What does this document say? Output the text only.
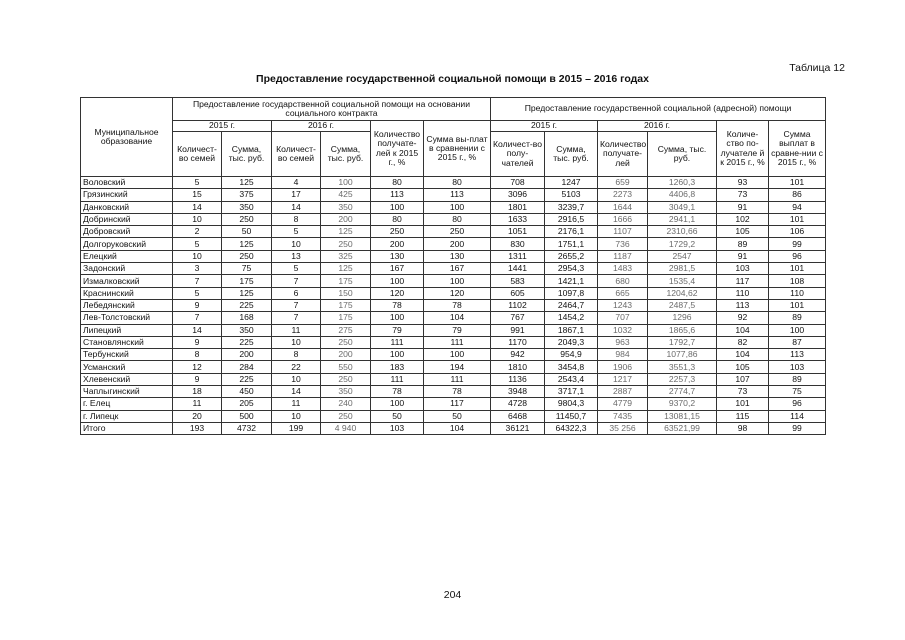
Таблица 12
Предоставление государственной социальной помощи в 2015 – 2016 годах
Муниципальное образование	Предоставление государственной социальной помощи на основании социального контракта						Предоставление государственной социальной (адресной) помощи					
	2015 г.		2016 г.		Количество получате-лей к 2015 г., %	Сумма вы-плат в сравнении с 2015 г., %	2015 г.		2016 г.		Количе-ство по-лучателе й к 2015 г., %	Сумма выплат в сравне-нии с 2015 г., %
	Количест-во семей	Сумма, тыс. руб.	Количест-во семей	Сумма, тыс. руб.			Количест-во полу-чателей	Сумма, тыс. руб.	Количество получате-лей	Сумма, тыс. руб.		
Воловский	5	125	4	100	80	80	708	1247	659	1260,3	93	101
Грязинский	15	375	17	425	113	113	3096	5103	2273	4406,8	73	86
Данковский	14	350	14	350	100	100	1801	3239,7	1644	3049,1	91	94
Добринский	10	250	8	200	80	80	1633	2916,5	1666	2941,1	102	101
Добровский	2	50	5	125	250	250	1051	2176,1	1107	2310,66	105	106
Долгоруковский	5	125	10	250	200	200	830	1751,1	736	1729,2	89	99
Елецкий	10	250	13	325	130	130	1311	2655,2	1187	2547	91	96
Задонский	3	75	5	125	167	167	1441	2954,3	1483	2981,5	103	101
Измалковский	7	175	7	175	100	100	583	1421,1	680	1535,4	117	108
Краснинский	5	125	6	150	120	120	605	1097,8	665	1204,62	110	110
Лебедянский	9	225	7	175	78	78	1102	2464,7	1243	2487,5	113	101
Лев-Толстовский	7	168	7	175	100	104	767	1454,2	707	1296	92	89
Липецкий	14	350	11	275	79	79	991	1867,1	1032	1865,6	104	100
Становлянский	9	225	10	250	111	111	1170	2049,3	963	1792,7	82	87
Тербунский	8	200	8	200	100	100	942	954,9	984	1077,86	104	113
Усманский	12	284	22	550	183	194	1810	3454,8	1906	3551,3	105	103
Хлевенский	9	225	10	250	111	111	1136	2543,4	1217	2257,3	107	89
Чаплыгинский	18	450	14	350	78	78	3948	3717,1	2887	2774,7	73	75
г. Елец	11	205	11	240	100	117	4728	9804,3	4779	9370,2	101	96
г. Липецк	20	500	10	250	50	50	6468	11450,7	7435	13081,15	115	114
Итого	193	4732	199	4 940	103	104	36121	64322,3	35 256	63521,99	98	99
204
